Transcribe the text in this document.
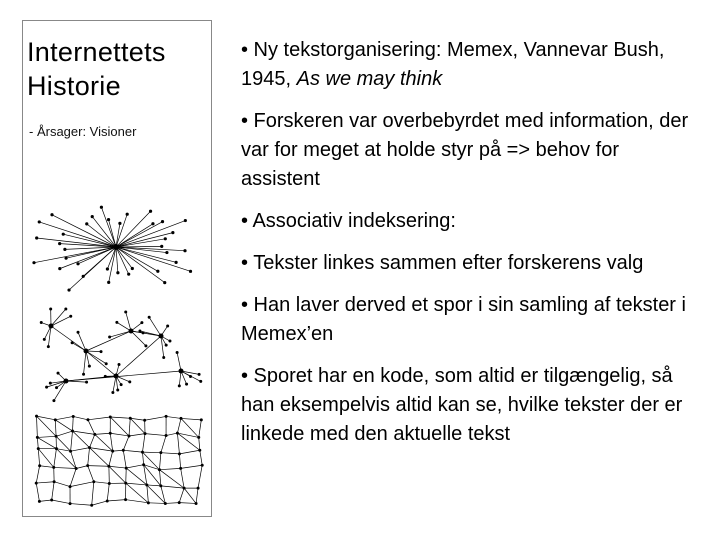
Internettets
Historie
- Årsager: Visioner
• Ny tekstorganisering: Memex, Vannevar Bush, 1945, As we may think
• Forskeren var overbebyrdet med information, der var for meget at holde styr på => behov for assistent
• Associativ indeksering:
• Tekster linkes sammen efter forskerens valg
• Han laver derved et spor i sin samling af tekster i Memex’en
• Sporet har en kode, som altid er tilgængelig, så han eksempelvis altid kan se, hvilke tekster der er linkede med den aktuelle tekst
